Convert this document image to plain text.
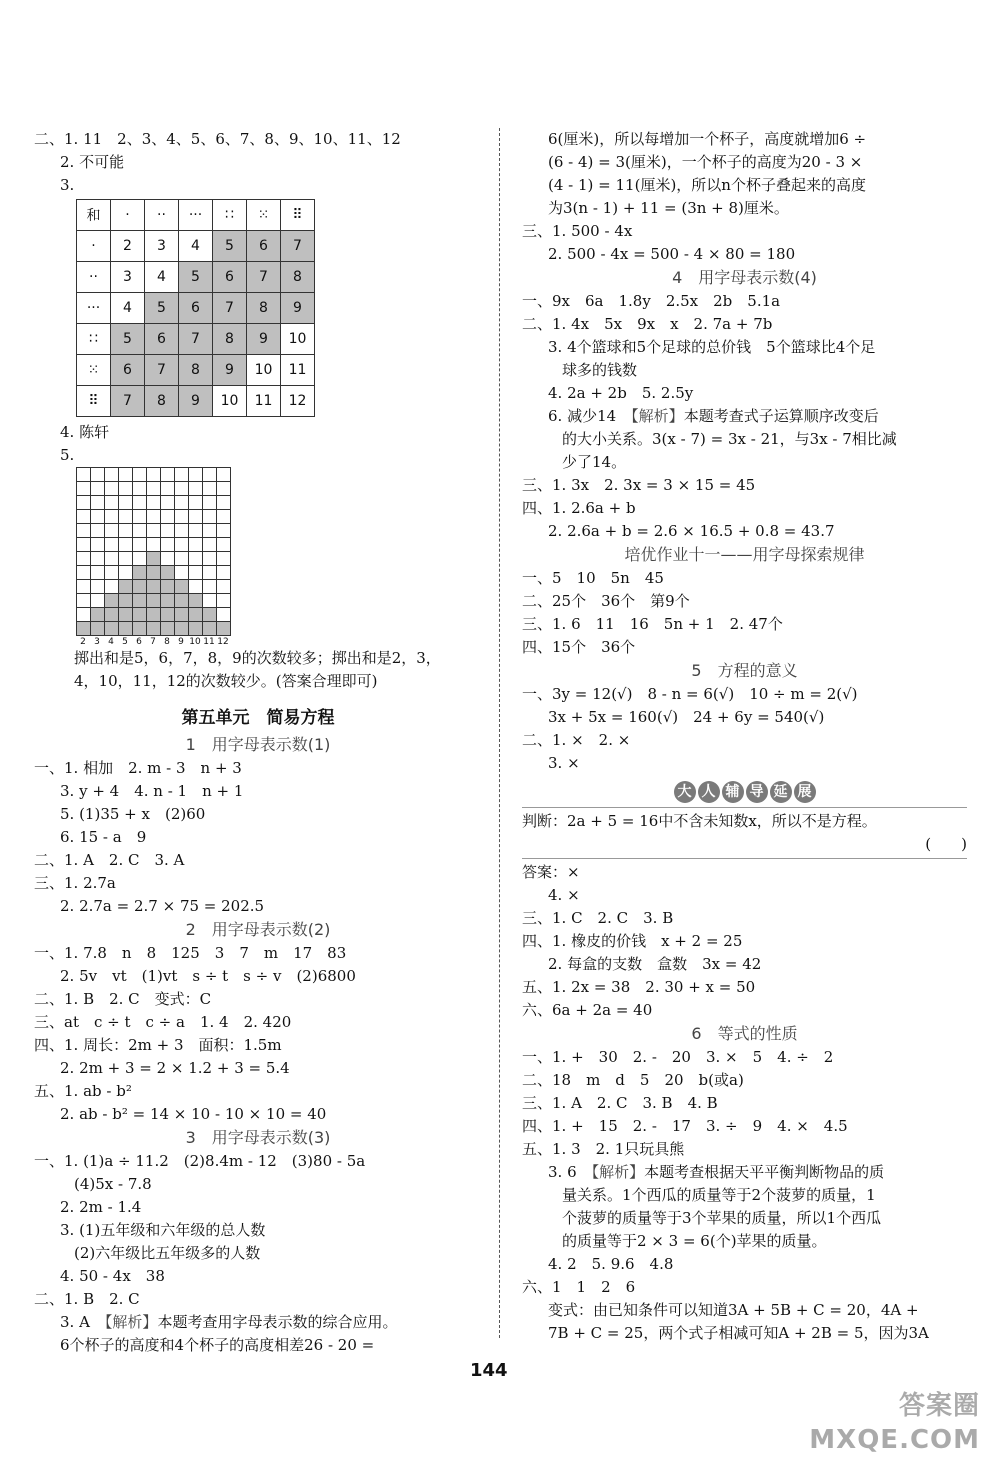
二、1. 11　2、3、4、5、6、7、8、9、10、11、12
2. 不可能
3.
和	·	··	···	∷	⁙	⠿
·	2	3	4	5	6	7
··	3	4	5	6	7	8
···	4	5	6	7	8	9
∷	5	6	7	8	9	10
⁙	6	7	8	9	10	11
⠿	7	8	9	10	11	12
4. 陈轩
5.
2 3 4 5 6 7 8 9 10 11 12
掷出和是5，6，7，8，9的次数较多；掷出和是2，3，
4，10，11，12的次数较少。(答案合理即可)
第五单元　简易方程
1　用字母表示数(1)
一、1. 相加　2. m - 3　n + 3
3. y + 4　4. n - 1　n + 1
5. (1)35 + x　(2)60
6. 15 - a　9
二、1. A　2. C　3. A
三、1. 2.7a
2. 2.7a = 2.7 × 75 = 202.5
2　用字母表示数(2)
一、1. 7.8　n　8　125　3　7　m　17　83
2. 5v　vt　(1)vt　s ÷ t　s ÷ v　(2)6800
二、1. B　2. C　变式：C
三、at　c ÷ t　c ÷ a　1. 4　2. 420
四、1. 周长：2m + 3　面积：1.5m
2. 2m + 3 = 2 × 1.2 + 3 = 5.4
五、1. ab - b²
2. ab - b² = 14 × 10 - 10 × 10 = 40
3　用字母表示数(3)
一、1. (1)a ÷ 11.2　(2)8.4m - 12　(3)80 - 5a
(4)5x - 7.8
2. 2m - 1.4
3. (1)五年级和六年级的总人数
(2)六年级比五年级多的人数
4. 50 - 4x　38
二、1. B　2. C
3. A　【解析】本题考查用字母表示数的综合应用。
6个杯子的高度和4个杯子的高度相差26 - 20 =
6(厘米)，所以每增加一个杯子，高度就增加6 ÷
(6 - 4) = 3(厘米)，一个杯子的高度为20 - 3 ×
(4 - 1) = 11(厘米)，所以n个杯子叠起来的高度
为3(n - 1) + 11 = (3n + 8)厘米。
三、1. 500 - 4x
2. 500 - 4x = 500 - 4 × 80 = 180
4　用字母表示数(4)
一、9x　6a　1.8y　2.5x　2b　5.1a
二、1. 4x　5x　9x　x　2. 7a + 7b
3. 4个篮球和5个足球的总价钱　5个篮球比4个足
球多的钱数
4. 2a + 2b　5. 2.5y
6. 减少14　【解析】本题考查式子运算顺序改变后
的大小关系。3(x - 7) = 3x - 21，与3x - 7相比减
少了14。
三、1. 3x　2. 3x = 3 × 15 = 45
四、1. 2.6a + b
2. 2.6a + b = 2.6 × 16.5 + 0.8 = 43.7
培优作业十一——用字母探索规律
一、5　10　5n　45
二、25个　36个　第9个
三、1. 6　11　16　5n + 1　2. 47个
四、15个　36个
5　方程的意义
一、3y = 12(√)　8 - n = 6(√)　10 ÷ m = 2(√)
3x + 5x = 160(√)　24 + 6y = 540(√)
二、1. ×　2. ×
3. ×
大 人 辅 导 延 展
判断：2a + 5 = 16中不含未知数x，所以不是方程。
(　　)
答案：×
4. ×
三、1. C　2. C　3. B
四、1. 橡皮的价钱　x + 2 = 25
2. 每盒的支数　盒数　3x = 42
五、1. 2x = 38　2. 30 + x = 50
六、6a + 2a = 40
6　等式的性质
一、1. +　30　2. -　20　3. ×　5　4. ÷　2
二、18　m　d　5　20　b(或a)
三、1. A　2. C　3. B　4. B
四、1. +　15　2. -　17　3. ÷　9　4. ×　4.5
五、1. 3　2. 1只玩具熊
3. 6　【解析】本题考查根据天平平衡判断物品的质
量关系。1个西瓜的质量等于2个菠萝的质量，1
个菠萝的质量等于3个苹果的质量，所以1个西瓜
的质量等于2 × 3 = 6(个)苹果的质量。
4. 2　5. 9.6　4.8
六、1　1　2　6
变式：由已知条件可以知道3A + 5B + C = 20，4A +
7B + C = 25，两个式子相减可知A + 2B = 5，因为3A
144
答案圈
MXQE.COM
